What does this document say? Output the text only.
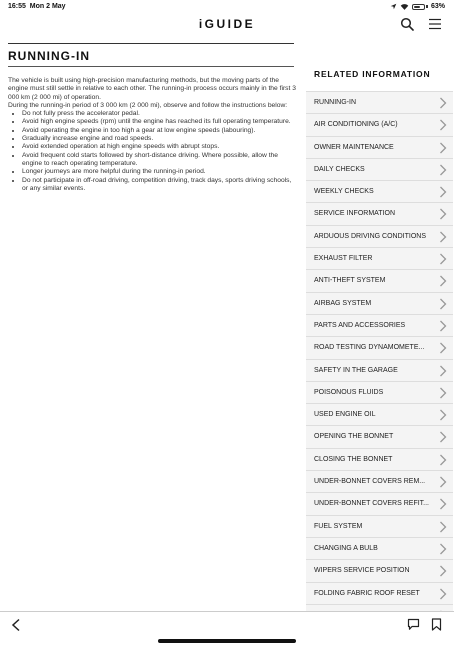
16:55 Mon 2 May	63%
iGUIDE
RUNNING-IN

The vehicle is built using high-precision manufacturing methods, but the moving parts of the engine must still settle in relative to each other. The running-in process occurs mainly in the first 3 000 km (2 000 mi) of operation.

During the running-in period of 3 000 km (2 000 mi), observe and follow the instructions below:

• Do not fully press the accelerator pedal.
• Avoid high engine speeds (rpm) until the engine has reached its full operating temperature.
• Avoid operating the engine in too high a gear at low engine speeds (labouring).
• Gradually increase engine and road speeds.
• Avoid extended operation at high engine speeds with abrupt stops.
• Avoid frequent cold starts followed by short-distance driving. Where possible, allow the engine to reach operating temperature.
• Longer journeys are more helpful during the running-in period.
• Do not participate in off-road driving, competition driving, track days, sports driving schools, or any similar events.
RELATED INFORMATION
RUNNING-IN
AIR CONDITIONING (A/C)
OWNER MAINTENANCE
DAILY CHECKS
WEEKLY CHECKS
SERVICE INFORMATION
ARDUOUS DRIVING CONDITIONS
EXHAUST FILTER
ANTI-THEFT SYSTEM
AIRBAG SYSTEM
PARTS AND ACCESSORIES
ROAD TESTING DYNAMOMETE...
SAFETY IN THE GARAGE
POISONOUS FLUIDS
USED ENGINE OIL
OPENING THE BONNET
CLOSING THE BONNET
UNDER-BONNET COVERS REM...
UNDER-BONNET COVERS REFIT...
FUEL SYSTEM
CHANGING A BULB
WIPERS SERVICE POSITION
FOLDING FABRIC ROOF RESET
